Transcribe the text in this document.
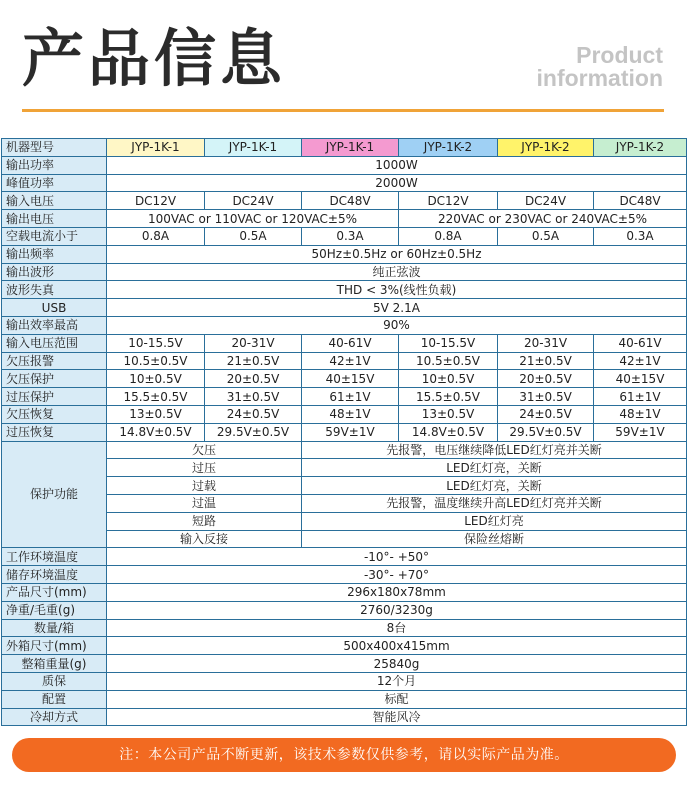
产品信息	Product
information
机器型号	JYP-1K-1	JYP-1K-1	JYP-1K-1	JYP-1K-2	JYP-1K-2	JYP-1K-2
输出功率	1000W					
峰值功率	2000W					
输入电压	DC12V	DC24V	DC48V	DC12V	DC24V	DC48V
输出电压	100VAC or 110VAC or 120VAC±5%			220VAC or 230VAC or 240VAC±5%		
空载电流小于	0.8A	0.5A	0.3A	0.8A	0.5A	0.3A
输出频率	50Hz±0.5Hz or 60Hz±0.5Hz					
输出波形	纯正弦波					
波形失真	THD < 3%(线性负载)					
USB	5V 2.1A					
输出效率最高	90%					
输入电压范围	10-15.5V	20-31V	40-61V	10-15.5V	20-31V	40-61V
欠压报警	10.5±0.5V	21±0.5V	42±1V	10.5±0.5V	21±0.5V	42±1V
欠压保护	10±0.5V	20±0.5V	40±15V	10±0.5V	20±0.5V	40±15V
过压保护	15.5±0.5V	31±0.5V	61±1V	15.5±0.5V	31±0.5V	61±1V
欠压恢复	13±0.5V	24±0.5V	48±1V	13±0.5V	24±0.5V	48±1V
过压恢复	14.8V±0.5V	29.5V±0.5V	59V±1V	14.8V±0.5V	29.5V±0.5V	59V±1V
保护功能	欠压		先报警，电压继续降低LED红灯亮并关断			
	过压		LED红灯亮，关断			
	过载		LED红灯亮，关断			
	过温		先报警，温度继续升高LED红灯亮并关断			
	短路		LED红灯亮			
	输入反接		保险丝熔断			
工作环境温度	-10°- +50°					
储存环境温度	-30°- +70°					
产品尺寸(mm)	296x180x78mm					
净重/毛重(g)	2760/3230g					
数量/箱	8台					
外箱尺寸(mm)	500x400x415mm					
整箱重量(g)	25840g					
质保	12个月					
配置	标配					
冷却方式	智能风冷					
注：本公司产品不断更新，该技术参数仅供参考，请以实际产品为准。
